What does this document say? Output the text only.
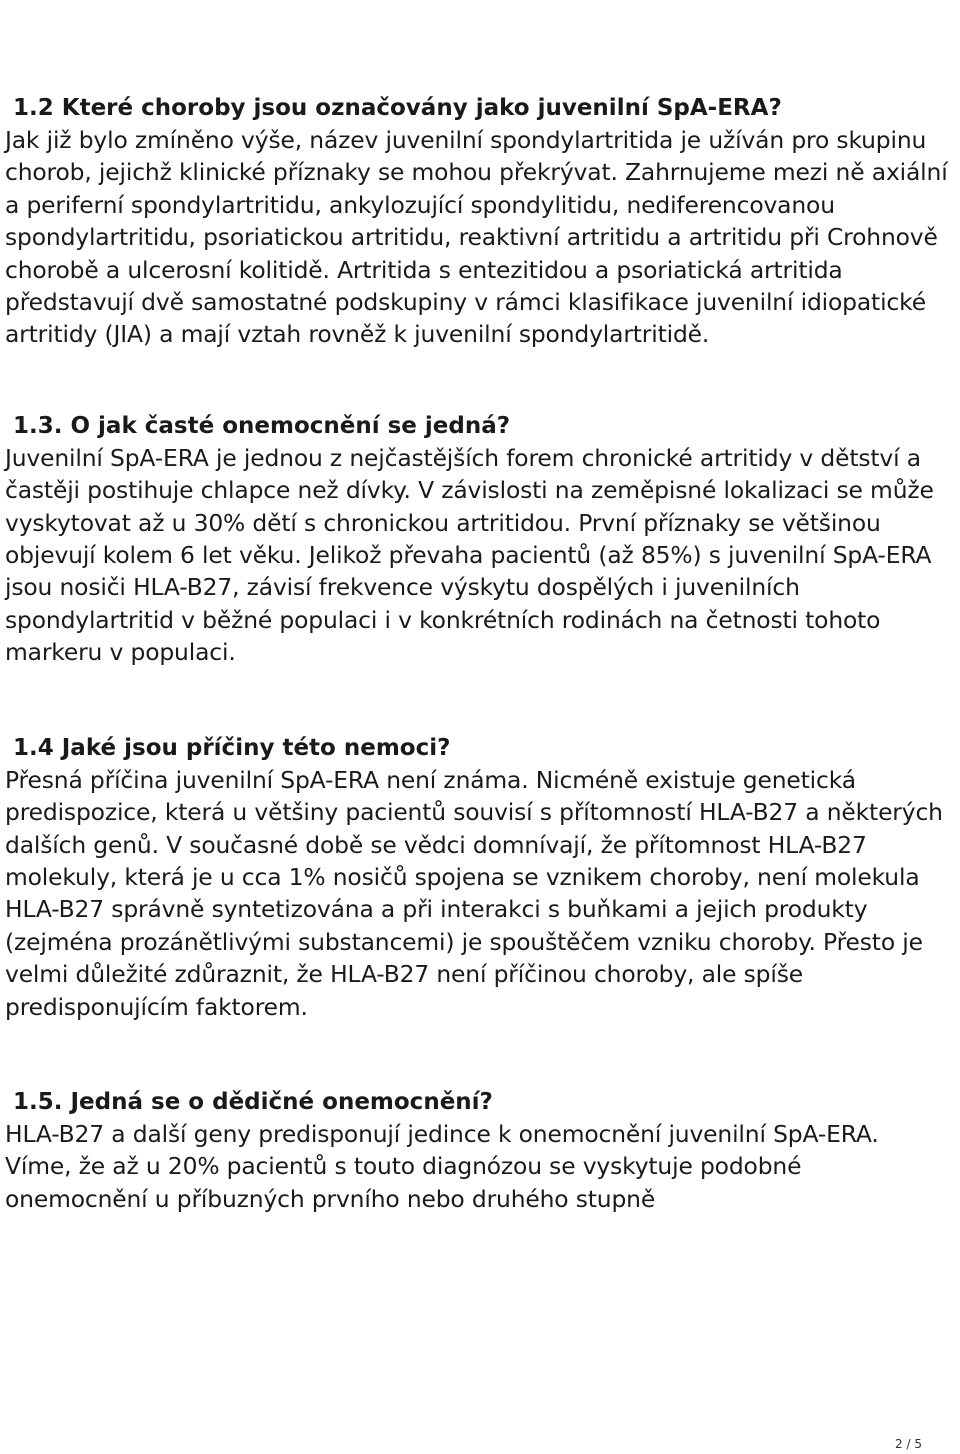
1.2 Které choroby jsou označovány jako juvenilní SpA-ERA?

Jak již bylo zmíněno výše, název juvenilní spondylartritida je užíván pro skupinu chorob, jejichž klinické příznaky se mohou překrývat. Zahrnujeme mezi ně axiální a periferní spondylartritidu, ankylozující spondylitidu, nediferencovanou spondylartritidu, psoriatickou artritidu, reaktivní artritidu a artritidu při Crohnově chorobě a ulcerosní kolitidě. Artritida s entezitidou a psoriatická artritida představují dvě samostatné podskupiny v rámci klasifikace juvenilní idiopatické artritidy (JIA) a mají vztah rovněž k juvenilní spondylartritidě.

1.3. O jak časté onemocnění se jedná?

Juvenilní SpA-ERA je jednou z nejčastějších forem chronické artritidy v dětství a častěji postihuje chlapce než dívky. V závislosti na zeměpisné lokalizaci se může vyskytovat až u 30% dětí s chronickou artritidou. První příznaky se většinou objevují kolem 6 let věku. Jelikož převaha pacientů (až 85%) s juvenilní SpA-ERA jsou nosiči HLA-B27, závisí frekvence výskytu dospělých i juvenilních spondylartritid v běžné populaci i v konkrétních rodinách na četnosti tohoto markeru v populaci.

1.4 Jaké jsou příčiny této nemoci?

Přesná příčina juvenilní SpA-ERA není známa. Nicméně existuje genetická predispozice, která u většiny pacientů souvisí s přítomností HLA-B27 a některých dalších genů. V současné době se vědci domnívají, že přítomnost HLA-B27 molekuly, která je u cca 1% nosičů spojena se vznikem choroby, není molekula HLA-B27 správně syntetizována a při interakci s buňkami a jejich produkty (zejména prozánětlivými substancemi) je spouštěčem vzniku choroby. Přesto je velmi důležité zdůraznit, že HLA-B27 není příčinou choroby, ale spíše predisponujícím faktorem.

1.5. Jedná se o dědičné onemocnění?

HLA-B27 a další geny predisponují jedince k onemocnění juvenilní SpA-ERA. Víme, že až u 20% pacientů s touto diagnózou se vyskytuje podobné onemocnění u příbuzných prvního nebo druhého stupně

2 / 5
